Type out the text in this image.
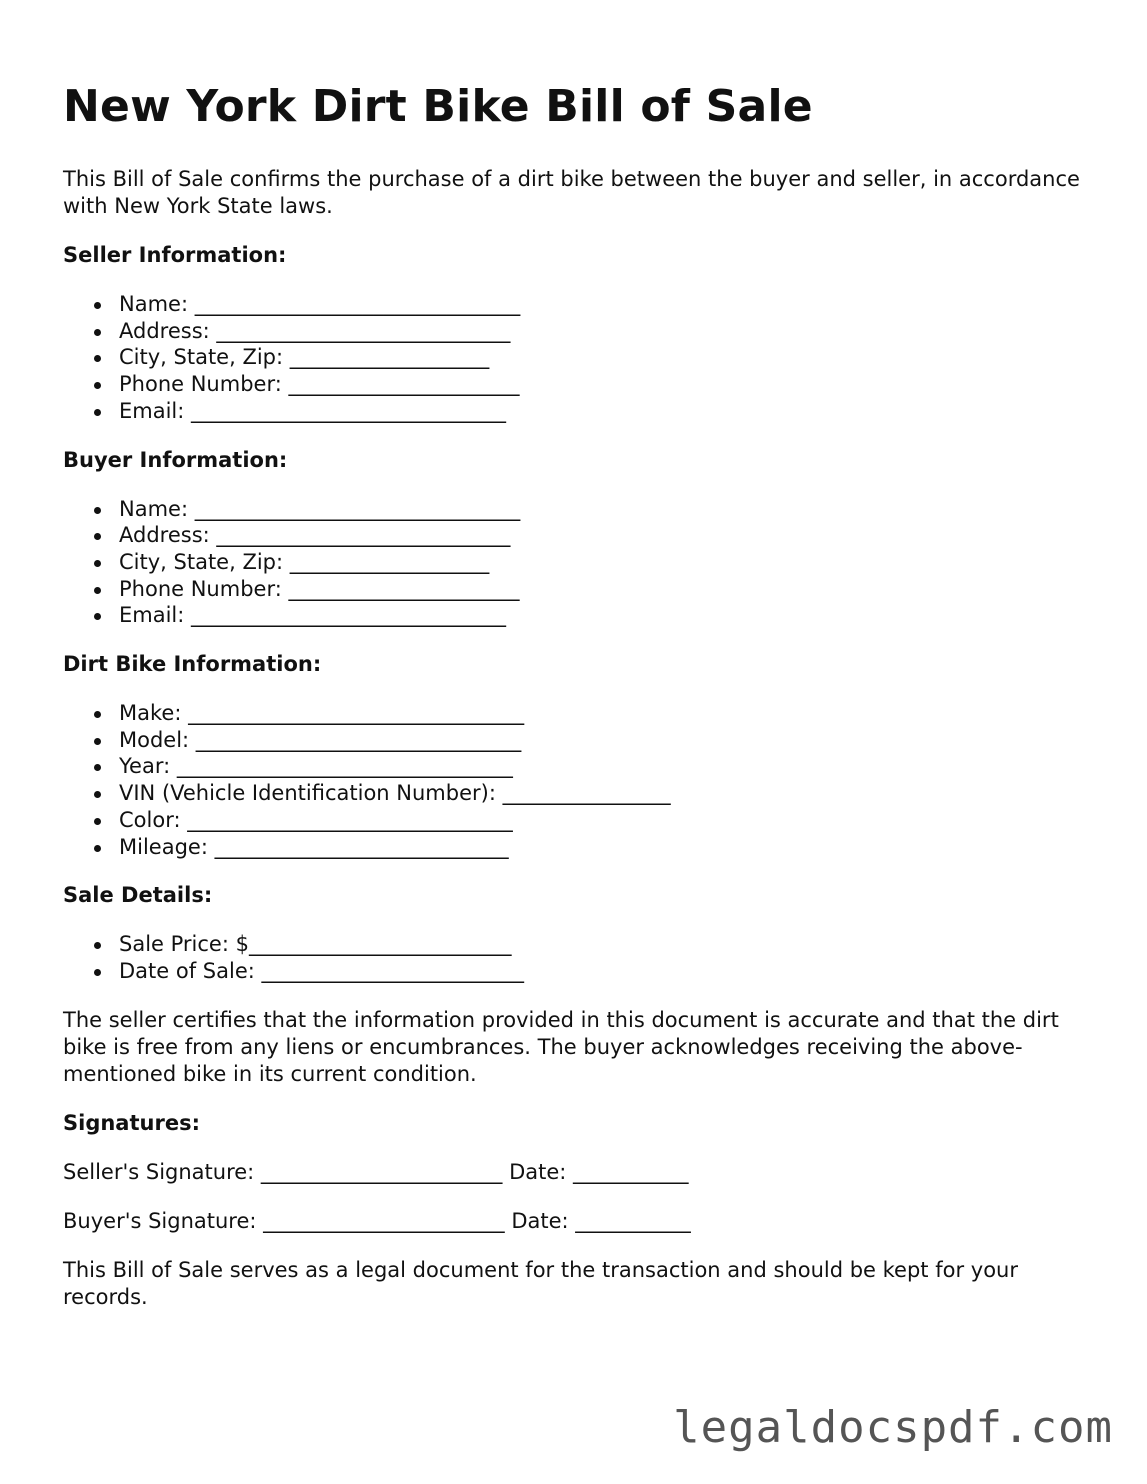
New York Dirt Bike Bill of Sale

This Bill of Sale confirms the purchase of a dirt bike between the buyer and seller, in accordance with New York State laws.

Seller Information:
Name: _______________________________
Address: ____________________________
City, State, Zip: ___________________
Phone Number: ______________________
Email: ______________________________
Buyer Information:
Name: _______________________________
Address: ____________________________
City, State, Zip: ___________________
Phone Number: ______________________
Email: ______________________________
Dirt Bike Information:
Make: ________________________________
Model: _______________________________
Year: ________________________________
VIN (Vehicle Identification Number): ________________
Color: _______________________________
Mileage: ____________________________
Sale Details:
Sale Price: $_________________________
Date of Sale: _________________________

The seller certifies that the information provided in this document is accurate and that the dirt bike is free from any liens or encumbrances. The buyer acknowledges receiving the above-mentioned bike in its current condition.

Signatures:
Seller's Signature: _______________________ Date: ___________
Buyer's Signature: _______________________ Date: ___________

This Bill of Sale serves as a legal document for the transaction and should be kept for your records.

legaldocspdf.com
